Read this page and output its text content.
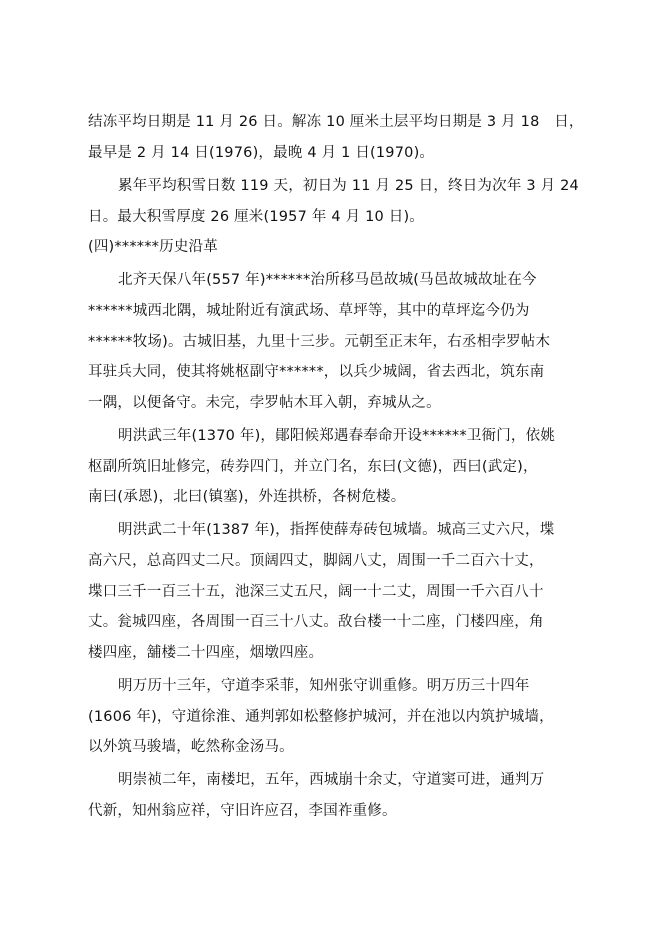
结冻平均日期是 11 月 26 日。解冻 10 厘米土层平均日期是 3 月 18　日，
最早是 2 月 14 日(1976)，最晚 4 月 1 日(1970)。
累年平均积雪日数 119 天，初日为 11 月 25 日，终日为次年 3 月 24
日。最大积雪厚度 26 厘米(1957 年 4 月 10 日)。
(四)******历史沿革
北齐天保八年(557 年)******治所移马邑故城(马邑故城故址在今
******城西北隅，城址附近有演武场、草坪等，其中的草坪迄今仍为
******牧场)。古城旧基，九里十三步。元朝至正末年，右丞相孛罗帖木
耳驻兵大同，使其将姚枢副守******，以兵少城阔，省去西北，筑东南
一隅，以便备守。未完，孛罗帖木耳入朝，弃城从之。
明洪武三年(1370 年)，鄖阳候郑遇春奉命开设******卫衙门，依姚
枢副所筑旧址修完，砖券四门，并立门名，东曰(文德)，西曰(武定)，
南曰(承恩)，北曰(镇塞)，外连拱桥，各树危楼。
明洪武二十年(1387 年)，指挥使薛寿砖包城墙。城高三丈六尺，堞
高六尺，总高四丈二尺。顶阔四丈，脚阔八丈，周围一千二百六十丈，
堞口三千一百三十五，池深三丈五尺，阔一十二丈，周围一千六百八十
丈。瓮城四座，各周围一百三十八丈。敌台楼一十二座，门楼四座，角
楼四座，舖楼二十四座，烟墩四座。
明万历十三年，守道李采菲，知州张守训重修。明万历三十四年
(1606 年)，守道徐淮、通判郭如松整修护城河，并在池以内筑护城墙，
以外筑马骏墙，屹然称金汤马。
明崇祯二年，南楼圯，五年，西城崩十余丈，守道窦可进，通判万
代新，知州翁应祥，守旧许应召，李国祚重修。
